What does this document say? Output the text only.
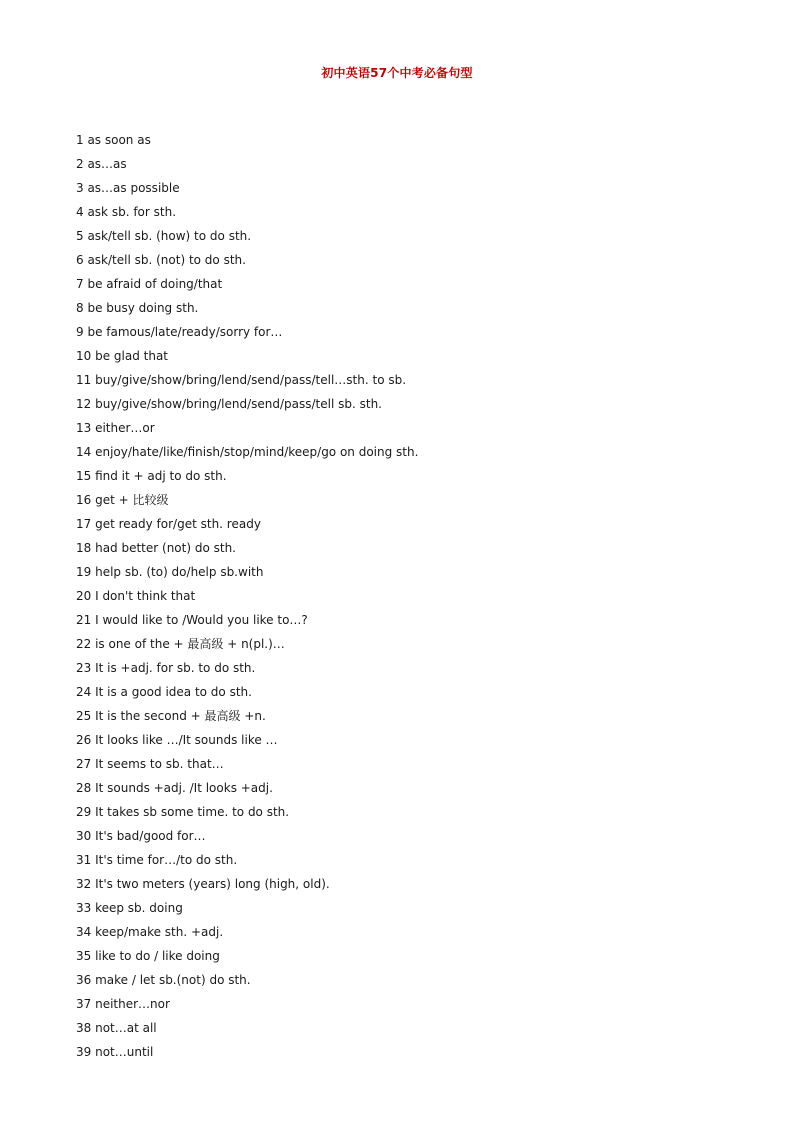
初中英语57个中考必备句型
1 as soon as
2 as…as
3 as…as possible
4 ask sb. for sth.
5 ask/tell sb. (how) to do sth.
6 ask/tell sb. (not) to do sth.
7 be afraid of doing/that
8 be busy doing sth.
9 be famous/late/ready/sorry for…
10 be glad that
11 buy/give/show/bring/lend/send/pass/tell…sth. to sb.
12 buy/give/show/bring/lend/send/pass/tell sb. sth.
13 either…or
14 enjoy/hate/like/finish/stop/mind/keep/go on doing sth.
15 find it + adj to do sth.
16 get + 比较级
17 get ready for/get sth. ready
18 had better (not) do sth.
19 help sb. (to) do/help sb.with
20 I don't think that
21 I would like to /Would you like to…?
22 is one of the + 最高级 + n(pl.)…
23 It is +adj. for sb. to do sth.
24 It is a good idea to do sth.
25 It is the second + 最高级 +n.
26 It looks like …/It sounds like …
27 It seems to sb. that…
28 It sounds +adj. /It looks +adj.
29 It takes sb some time. to do sth.
30 It's bad/good for…
31 It's time for…/to do sth.
32 It's two meters (years) long (high, old).
33 keep sb. doing
34 keep/make sth. +adj.
35 like to do / like doing
36 make / let sb.(not) do sth.
37 neither…nor
38 not…at all
39 not…until
